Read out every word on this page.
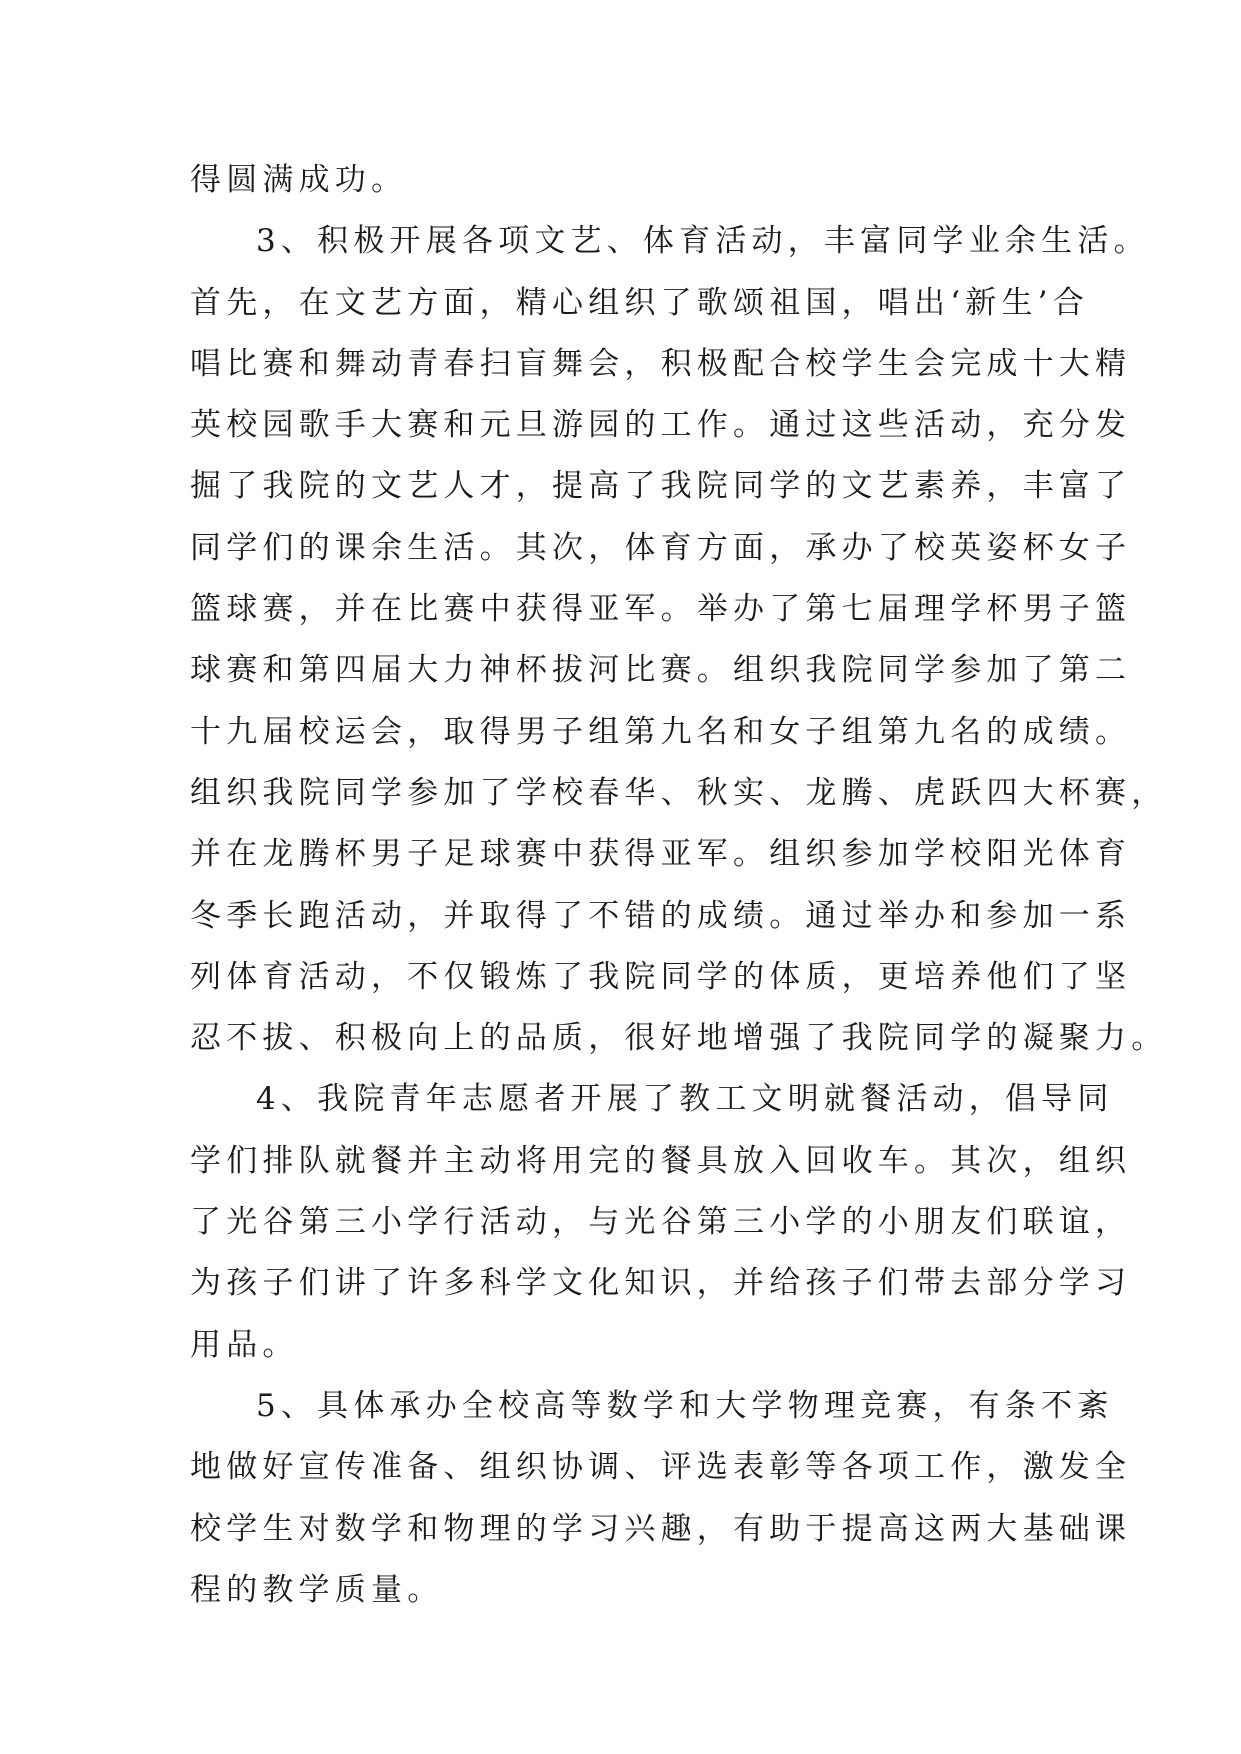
得圆满成功。

3、积极开展各项文艺、体育活动，丰富同学业余生活。
首先，在文艺方面，精心组织了歌颂祖国，唱出‘新生’合
唱比赛和舞动青春扫盲舞会，积极配合校学生会完成十大精
英校园歌手大赛和元旦游园的工作。通过这些活动，充分发
掘了我院的文艺人才，提高了我院同学的文艺素养，丰富了
同学们的课余生活。其次，体育方面，承办了校英姿杯女子
篮球赛，并在比赛中获得亚军。举办了第七届理学杯男子篮
球赛和第四届大力神杯拔河比赛。组织我院同学参加了第二
十九届校运会，取得男子组第九名和女子组第九名的成绩。
组织我院同学参加了学校春华、秋实、龙腾、虎跃四大杯赛，
并在龙腾杯男子足球赛中获得亚军。组织参加学校阳光体育
冬季长跑活动，并取得了不错的成绩。通过举办和参加一系
列体育活动，不仅锻炼了我院同学的体质，更培养他们了坚
忍不拔、积极向上的品质，很好地增强了我院同学的凝聚力。

4、我院青年志愿者开展了教工文明就餐活动，倡导同
学们排队就餐并主动将用完的餐具放入回收车。其次，组织
了光谷第三小学行活动，与光谷第三小学的小朋友们联谊，
为孩子们讲了许多科学文化知识，并给孩子们带去部分学习
用品。

5、具体承办全校高等数学和大学物理竞赛，有条不紊
地做好宣传准备、组织协调、评选表彰等各项工作，激发全
校学生对数学和物理的学习兴趣，有助于提高这两大基础课
程的教学质量。
